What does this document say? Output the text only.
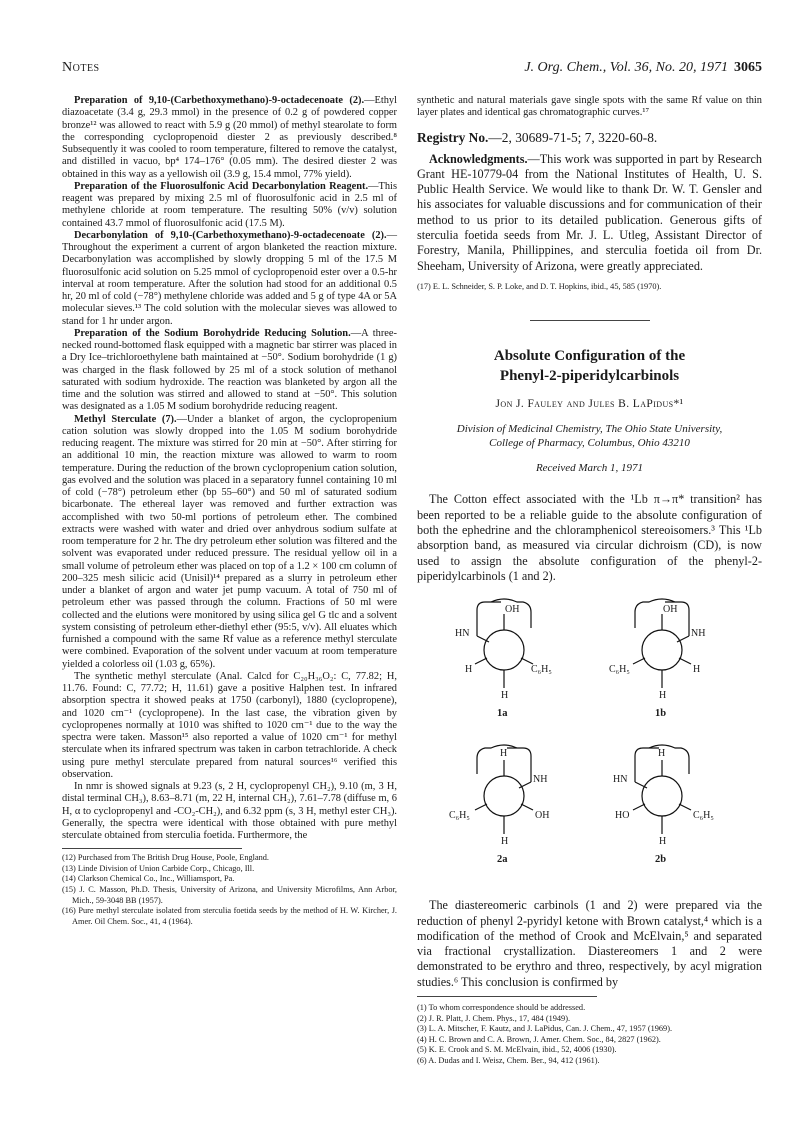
Notes	J. Org. Chem., Vol. 36, No. 20, 1971 3065

Preparation of 9,10-(Carbethoxymethano)-9-octadecenoate (2).—Ethyl diazoacetate (3.4 g, 29.3 mmol) in the presence of 0.2 g of powdered copper bronze¹² was allowed to react with 5.9 g (20 mmol) of methyl stearolate to form the corresponding cyclopropenoid diester 2 as previously described.⁸ Subsequently it was cooled to room temperature, filtered to remove the catalyst, and distilled in vacuo, bp⁴ 174–176° (0.05 mm). The desired diester 2 was obtained in this way as a yellowish oil (3.9 g, 15.4 mmol, 77% yield).

Preparation of the Fluorosulfonic Acid Decarbonylation Reagent.—This reagent was prepared by mixing 2.5 ml of fluorosulfonic acid in 2.5 ml of methylene chloride at room temperature. The resulting 50% (v/v) solution contained 43.7 mmol of fluorosulfonic acid (17.5 M).

Decarbonylation of 9,10-(Carbethoxymethano)-9-octadecenoate (2).—Throughout the experiment a current of argon blanketed the reaction mixture. Decarbonylation was accomplished by slowly dropping 5 ml of the 17.5 M fluorosulfonic acid solution on 5.25 mmol of cyclopropenoid ester over a 0.5-hr interval at room temperature. After the solution had stood for an additional 0.5 hr, 20 ml of cold (−78°) methylene chloride was added and 5 g of type 4A or 5A molecular sieves.¹³ The cold solution with the molecular sieves was allowed to stand for 1 hr under argon.

Preparation of the Sodium Borohydride Reducing Solution.—A three-necked round-bottomed flask equipped with a magnetic bar stirrer was placed in a Dry Ice–trichloroethylene bath maintained at −50°. Sodium borohydride (1 g) was charged in the flask followed by 25 ml of a stock solution of methanol saturated with sodium hydroxide. The reaction was blanketed by argon all the time and the solution was stirred and allowed to stand at −50°. This solution was designated as a 1.05 M sodium borohydride reducing reagent.

Methyl Sterculate (7).—Under a blanket of argon, the cyclopropenium cation solution was slowly dropped into the 1.05 M sodium borohydride reducing reagent. The mixture was stirred for 20 min at −50°. After stirring for an additional 10 min, the reaction mixture was allowed to warm to room temperature. During the reduction of the brown cyclopropenium cation solution, gas evolved and the solution was placed in a separatory funnel containing 10 ml of cold (−78°) petroleum ether (bp 55–60°) and 50 ml of saturated sodium bicarbonate. The ethereal layer was removed and further extraction was accomplished with two 50-ml portions of petroleum ether. The combined extracts were washed with water and dried over anhydrous sodium sulfate at room temperature for 2 hr. The dry petroleum ether solution was filtered and the solvent was evaporated under reduced pressure. The residual yellow oil in a small volume of petroleum ether was placed on top of a 1.2 × 100 cm column of 200–325 mesh silicic acid (Unisil)¹⁴ prepared as a slurry in petroleum ether under a blanket of argon and water jet pump vacuum. A total of 750 ml of petroleum ether was passed through the column. Fractions of 50 ml were collected and the elutions were monitored by using silica gel G tlc and a solvent system consisting of petroleum ether-diethyl ether (95:5, v/v). All eluates which furnished a compound with the same Rf value as a reference methyl sterculate were combined. Evaporation of the solvent under vacuum at room temperature yielded a colorless oil (1.03 g, 65%).

The synthetic methyl sterculate (Anal. Calcd for C₂₀H₃₆O₂: C, 77.82; H, 11.76. Found: C, 77.72; H, 11.61) gave a positive Halphen test. In infrared absorption spectra it showed peaks at 1750 (carbonyl), 1880 (cyclopropene), and 1020 cm⁻¹ (cyclopropene). In the last case, the vibration given by cyclopropenes normally at 1010 was shifted to 1020 cm⁻¹ due to the way the spectra were taken. Masson¹⁵ also reported a value of 1020 cm⁻¹ for methyl sterculate when its infrared spectrum was taken in carbon tetrachloride. A check using pure methyl sterculate prepared from natural sources¹⁶ verified this observation.

In nmr is showed signals at 9.23 (s, 2 H, cyclopropenyl CH₂), 9.10 (m, 3 H, distal terminal CH₃), 8.63–8.71 (m, 22 H, internal CH₂), 7.61–7.78 (diffuse m, 6 H, α to cyclopropenyl and -CO₂-CH₂), and 6.32 ppm (s, 3 H, methyl ester CH₃). Generally, the spectra were identical with those obtained with pure methyl sterculate obtained from sterculia foetida. Furthermore, the

(12) Purchased from The British Drug House, Poole, England.

(13) Linde Division of Union Carbide Corp., Chicago, Ill.

(14) Clarkson Chemical Co., Inc., Williamsport, Pa.

(15) J. C. Masson, Ph.D. Thesis, University of Arizona, and University Microfilms, Ann Arbor, Mich., 59-3048 BB (1957).

(16) Pure methyl sterculate isolated from sterculia foetida seeds by the method of H. W. Kircher, J. Amer. Oil Chem. Soc., 41, 4 (1964).

synthetic and natural materials gave single spots with the same Rf value on thin layer plates and identical gas chromatographic curves.¹⁷

Registry No.—2, 30689-71-5; 7, 3220-60-8.
Acknowledgments.—This work was supported in part by Research Grant HE-10779-04 from the National Institutes of Health, U. S. Public Health Service. We would like to thank Dr. W. T. Gensler and his associates for valuable discussions and for communication of their method to us prior to its detailed publication. Generous gifts of sterculia foetida seeds from Mr. J. L. Utleg, Assistant Director of Forestry, Manila, Phillippines, and sterculia foetida oil from Dr. Sheeham, University of Arizona, were greatly appreciated.

(17) E. L. Schneider, S. P. Loke, and D. T. Hopkins, ibid., 45, 585 (1970).

Absolute Configuration of the
Phenyl-2-piperidylcarbinols
Jon J. Fauley and Jules B. LaPidus*¹
Division of Medicinal Chemistry, The Ohio State University,
College of Pharmacy, Columbus, Ohio 43210
Received March 1, 1971
The Cotton effect associated with the ¹Lb π→π* transition² has been reported to be a reliable guide to the absolute configuration of both the ephedrine and the chloramphenicol stereoisomers.³ This ¹Lb absorption band, as measured via circular dichroism (CD), is now used to assign the absolute configuration of the phenyl-2-piperidylcarbinols (1 and 2).
OH
HN
H	C₆H₅
H
1a
OH
NH
C₆H₅	H
H
1b
H
NH
C₆H₅	OH
H
2a
H
HN
HO	C₆H₅
H
2b
The diastereomeric carbinols (1 and 2) were prepared via the reduction of phenyl 2-pyridyl ketone with Brown catalyst,⁴ which is a modification of the method of Crook and McElvain,⁵ and separated via fractional crystallization. Diastereomers 1 and 2 were demonstrated to be erythro and threo, respectively, by acyl migration studies.⁶ This conclusion is confirmed by

(1) To whom correspondence should be addressed.

(2) J. R. Platt, J. Chem. Phys., 17, 484 (1949).

(3) L. A. Mitscher, F. Kautz, and J. LaPidus, Can. J. Chem., 47, 1957 (1969).

(4) H. C. Brown and C. A. Brown, J. Amer. Chem. Soc., 84, 2827 (1962).

(5) K. E. Crook and S. M. McElvain, ibid., 52, 4006 (1930).

(6) A. Dudas and I. Weisz, Chem. Ber., 94, 412 (1961).
